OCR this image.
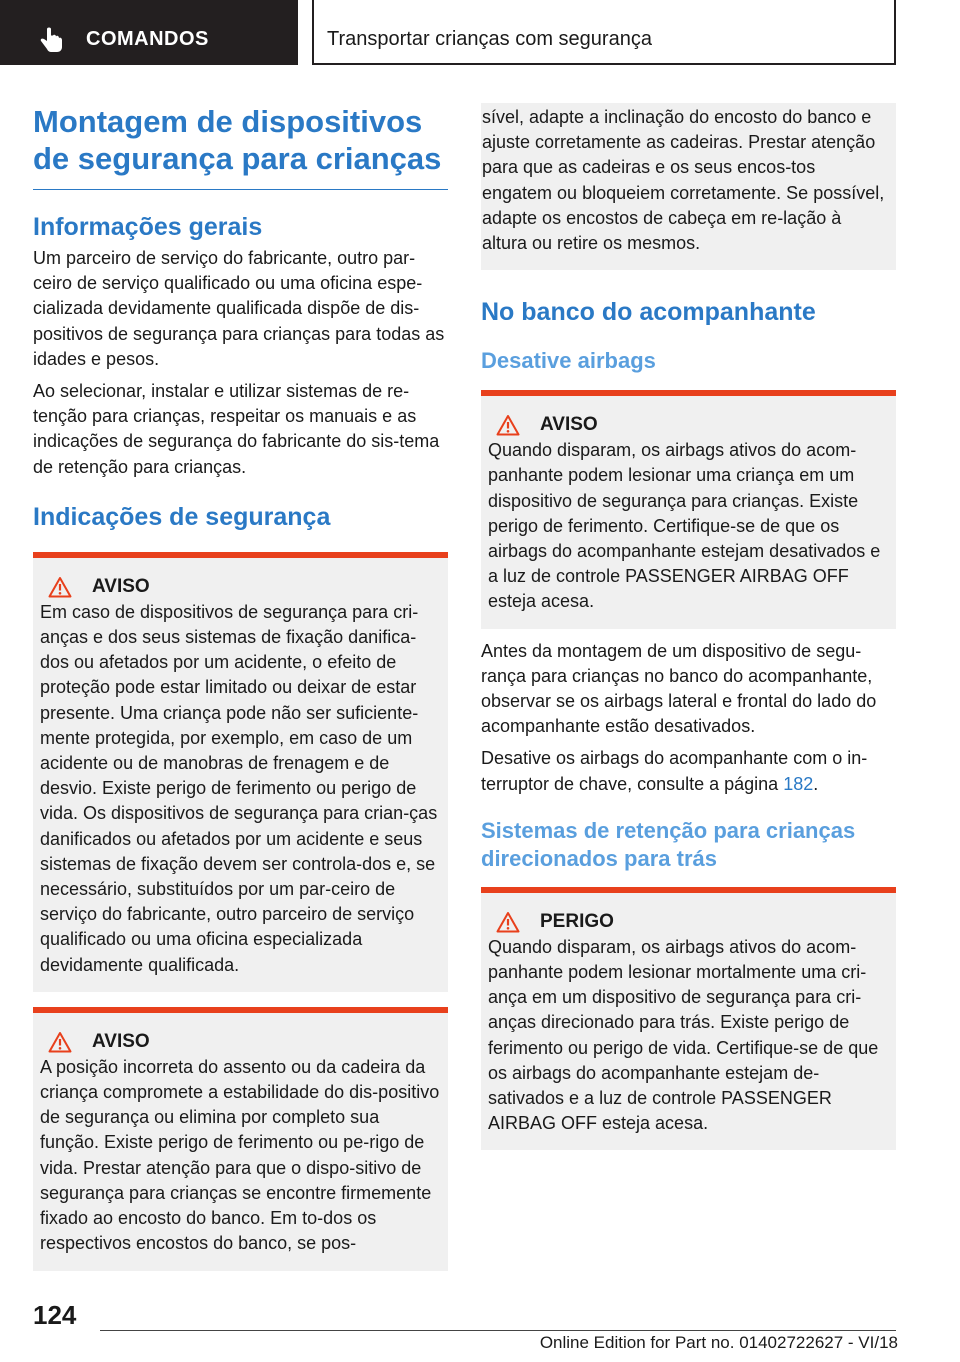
COMANDOS	Transportar crianças com segurança
Montagem de dispositivos de segurança para crianças
Informações gerais

Um parceiro de serviço do fabricante, outro par-ceiro de serviço qualificado ou uma oficina espe-cializada devidamente qualificada dispõe de dis-positivos de segurança para crianças para todas as idades e pesos.

Ao selecionar, instalar e utilizar sistemas de re-tenção para crianças, respeitar os manuais e as indicações de segurança do fabricante do sis-tema de retenção para crianças.

Indicações de segurança
AVISO

Em caso de dispositivos de segurança para cri-anças e dos seus sistemas de fixação danifica-dos ou afetados por um acidente, o efeito de proteção pode estar limitado ou deixar de estar presente. Uma criança pode não ser suficiente-mente protegida, por exemplo, em caso de um acidente ou de manobras de frenagem e de desvio. Existe perigo de ferimento ou perigo de vida. Os dispositivos de segurança para crian-ças danificados ou afetados por um acidente e seus sistemas de fixação devem ser controla-dos e, se necessário, substituídos por um par-ceiro de serviço do fabricante, outro parceiro de serviço qualificado ou uma oficina especializada devidamente qualificada.

AVISO

A posição incorreta do assento ou da cadeira da criança compromete a estabilidade do dis-positivo de segurança ou elimina por completo sua função. Existe perigo de ferimento ou pe-rigo de vida. Prestar atenção para que o dispo-sitivo de segurança para crianças se encontre firmemente fixado ao encosto do banco. Em to-dos os respectivos encostos do banco, se pos-

sível, adapte a inclinação do encosto do banco e ajuste corretamente as cadeiras. Prestar atenção para que as cadeiras e os seus encos-tos engatem ou bloqueiem corretamente. Se possível, adapte os encostos de cabeça em re-lação à altura ou retire os mesmos.

No banco do acompanhante
Desative airbags
AVISO

Quando disparam, os airbags ativos do acom-panhante podem lesionar uma criança em um dispositivo de segurança para crianças. Existe perigo de ferimento. Certifique-se de que os airbags do acompanhante estejam desativados e a luz de controle PASSENGER AIRBAG OFF esteja acesa.

Antes da montagem de um dispositivo de segu-rança para crianças no banco do acompanhante, observar se os airbags lateral e frontal do lado do acompanhante estão desativados.

Desative os airbags do acompanhante com o in-terruptor de chave, consulte a página 182.

Sistemas de retenção para crianças direcionados para trás
PERIGO

Quando disparam, os airbags ativos do acom-panhante podem lesionar mortalmente uma cri-ança em um dispositivo de segurança para cri-anças direcionado para trás. Existe perigo de ferimento ou perigo de vida. Certifique-se de que os airbags do acompanhante estejam de-sativados e a luz de controle PASSENGER AIRBAG OFF esteja acesa.

124
Online Edition for Part no. 01402722627 - VI/18
